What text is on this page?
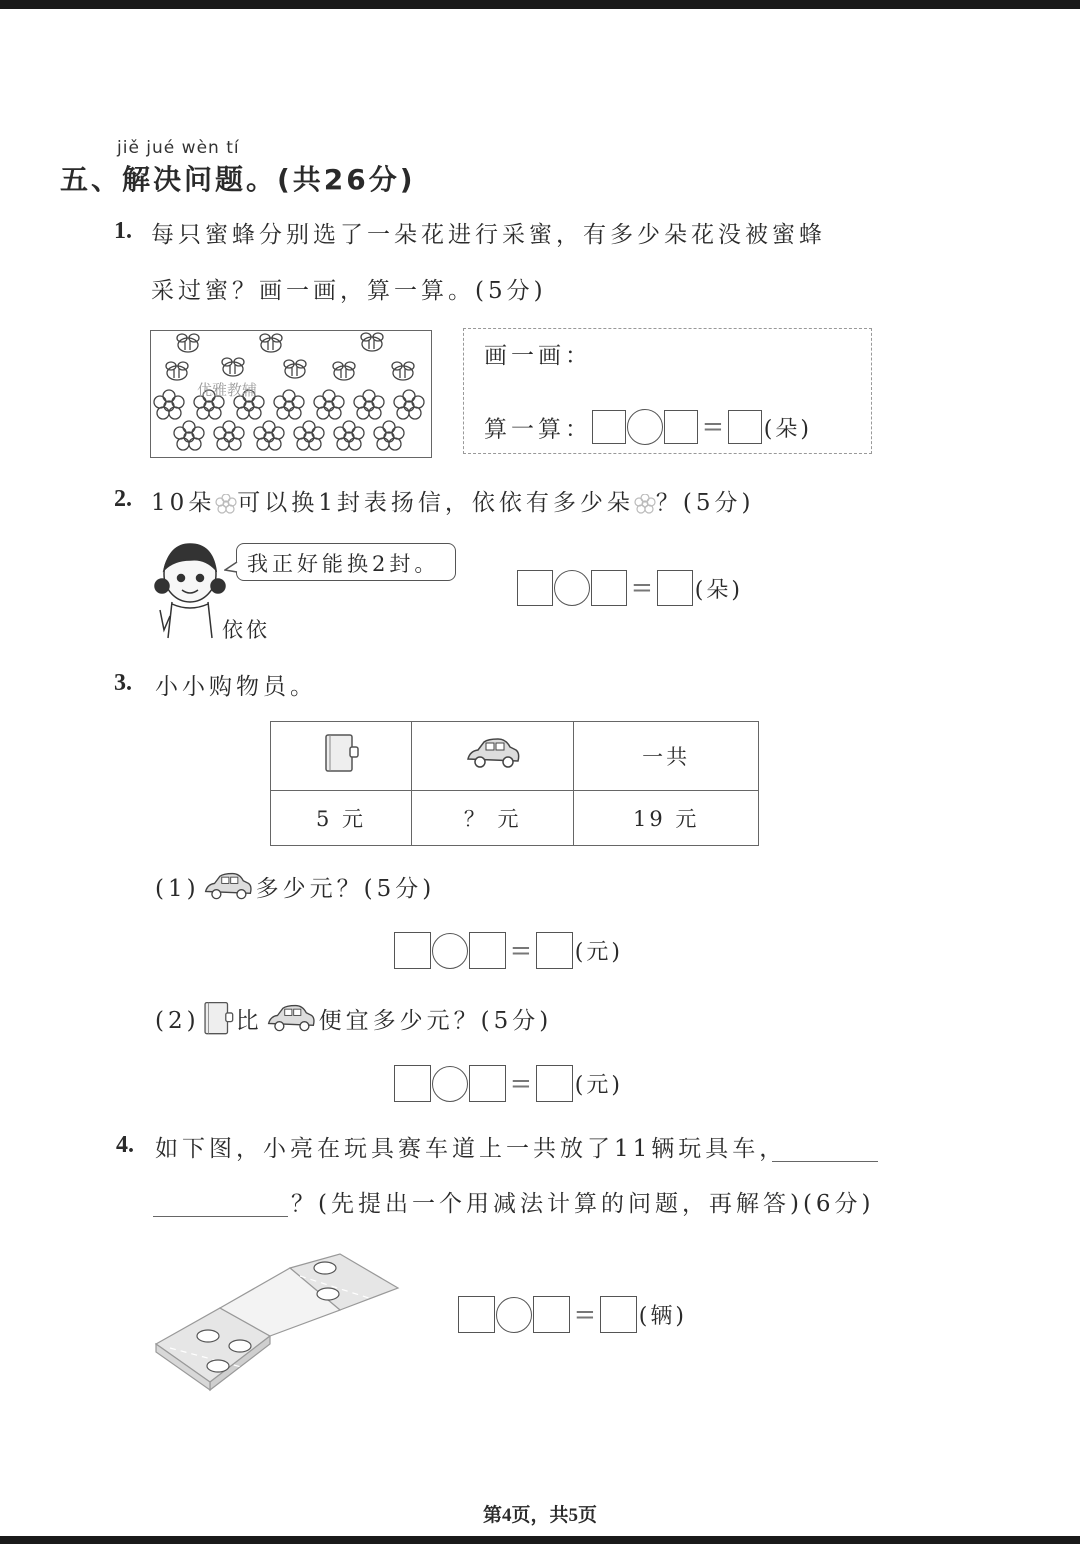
jiě jué wèn tí
五、解决问题。(共26分)
1. 每只蜜蜂分别选了一朵花进行采蜜，有多少朵花没被蜜蜂
采过蜜？画一画，算一算。(5分)
优雅教辅
画一画：
算一算：	= (朵)
2. 10朵 可以换1封表扬信，依依有多少朵 ？(5分)
我正好能换2封。
依依
= (朵)
3. 小小购物员。
		一共
5 元	？ 元	19 元
(1) 多少元？(5分)
= (元)
(2) 比 便宜多少元？(5分)
= (元)
4. 如下图，小亮在玩具赛车道上一共放了11辆玩具车，
？(先提出一个用减法计算的问题，再解答)(6分)
= (辆)
第4页，共5页
